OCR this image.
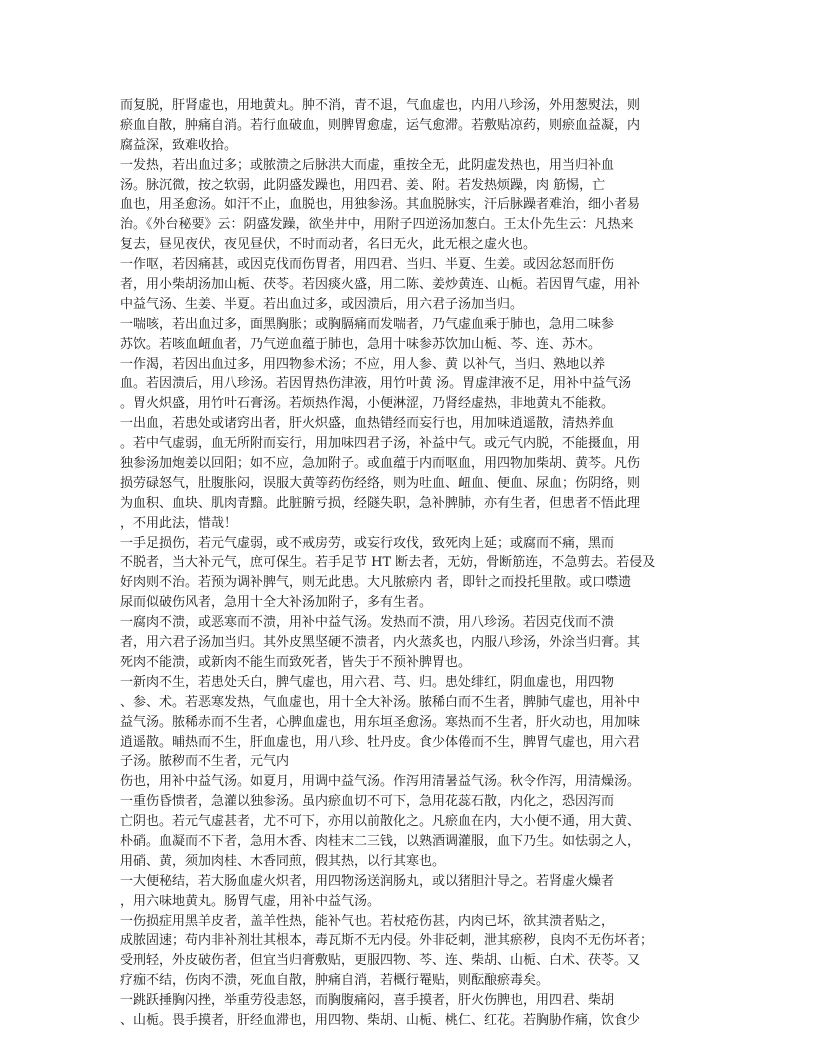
而复脱，肝肾虚也，用地黄丸。肿不消，青不退，气血虚也，内用八珍汤，外用葱熨法，则
瘀血自散，肿痛自消。若行血破血，则脾胃愈虚，运气愈滞。若敷贴凉药，则瘀血益凝，内
腐益深，致难收拾。
一发热，若出血过多；或脓溃之后脉洪大而虚，重按全无，此阴虚发热也，用当归补血
汤。脉沉微，按之软弱，此阴盛发躁也，用四君、姜、附。若发热烦躁，肉 筋惕，亡
血也，用圣愈汤。如汗不止，血脱也，用独参汤。其血脱脉实，汗后脉躁者难治，细小者易
治。《外台秘要》云：阴盛发躁，欲坐井中，用附子四逆汤加葱白。王太仆先生云：凡热来
复去，昼见夜伏，夜见昼伏，不时而动者，名曰无火，此无根之虚火也。
一作呕，若因痛甚，或因克伐而伤胃者，用四君、当归、半夏、生姜。或因忿怒而肝伤
者，用小柴胡汤加山栀、茯苓。若因痰火盛，用二陈、姜炒黄连、山栀。若因胃气虚，用补
中益气汤、生姜、半夏。若出血过多，或因溃后，用六君子汤加当归。
一喘咳，若出血过多，面黑胸胀；或胸膈痛而发喘者，乃气虚血乘于肺也，急用二味参
苏饮。若咳血衄血者，乃气逆血蕴于肺也，急用十味参苏饮加山栀、芩、连、苏木。
一作渴，若因出血过多，用四物参术汤；不应，用人参、黄 以补气，当归、熟地以养
血。若因溃后，用八珍汤。若因胃热伤津液，用竹叶黄 汤。胃虚津液不足，用补中益气汤
。胃火炽盛，用竹叶石膏汤。若烦热作渴，小便淋涩，乃肾经虚热，非地黄丸不能救。
一出血，若患处或诸窍出者，肝火炽盛，血热错经而妄行也，用加味逍遥散，清热养血
。若中气虚弱，血无所附而妄行，用加味四君子汤，补益中气。或元气内脱，不能摄血，用
独参汤加炮姜以回阳；如不应，急加附子。或血蕴于内而呕血，用四物加柴胡、黄芩。凡伤
损劳碌怒气，肚腹胀闷，误服大黄等药伤经络，则为吐血、衄血、便血、尿血；伤阴络，则
为血积、血块、肌肉青黯。此脏腑亏损，经隧失职，急补脾肺，亦有生者，但患者不悟此理
，不用此法，惜哉！
一手足损伤，若元气虚弱，或不戒房劳，或妄行攻伐，致死肉上延；或腐而不痛，黑而
不脱者，当大补元气，庶可保生。若手足节 HT 断去者，无妨，骨断筋连，不急剪去。若侵及
好肉则不治。若预为调补脾气，则无此患。大凡脓瘀内 者，即针之而投托里散。或口噤遗
尿而似破伤风者，急用十全大补汤加附子，多有生者。
一腐肉不溃，或恶寒而不溃，用补中益气汤。发热而不溃，用八珍汤。若因克伐而不溃
者，用六君子汤加当归。其外皮黑坚硬不溃者，内火蒸炙也，内服八珍汤，外涂当归膏。其
死肉不能溃，或新肉不能生而致死者，皆失于不预补脾胃也。
一新肉不生，若患处夭白，脾气虚也，用六君、芎、归。患处绯红，阴血虚也，用四物
、参、术。若恶寒发热，气血虚也，用十全大补汤。脓稀白而不生者，脾肺气虚也，用补中
益气汤。脓稀赤而不生者，心脾血虚也，用东垣圣愈汤。寒热而不生者，肝火动也，用加味
逍遥散。晡热而不生，肝血虚也，用八珍、牡丹皮。食少体倦而不生，脾胃气虚也，用六君
子汤。脓秽而不生者，元气内
伤也，用补中益气汤。如夏月，用调中益气汤。作泻用清暑益气汤。秋令作泻，用清燥汤。
一重伤昏愦者，急灌以独参汤。虽内瘀血切不可下，急用花蕊石散，内化之，恐因泻而
亡阴也。若元气虚甚者，尤不可下，亦用以前散化之。凡瘀血在内，大小便不通，用大黄、
朴硝。血凝而不下者，急用木香、肉桂末二三钱，以熟酒调灌服，血下乃生。如怯弱之人，
用硝、黄，须加肉桂、木香同煎，假其热，以行其寒也。
一大便秘结，若大肠血虚火炽者，用四物汤送润肠丸，或以猪胆汁导之。若肾虚火燥者
，用六味地黄丸。肠胃气虚，用补中益气汤。
一伤损症用黑羊皮者，盖羊性热，能补气也。若杖疮伤甚，内肉已坏，欲其溃者贴之，
成脓固速；苟内非补剂壮其根本，毒瓦斯不无内侵。外非砭刺，泄其瘀秽，良肉不无伤坏者；
受刑轻，外皮破伤者，但宜当归膏敷贴，更服四物、芩、连、柴胡、山栀、白术、茯苓。又
疗痂不结，伤肉不溃，死血自散，肿痛自消，若概行罨贴，则酝酿瘀毒矣。
一跳跃捶胸闪挫，举重劳役恚怒，而胸腹痛闷，喜手摸者，肝火伤脾也，用四君、柴胡
、山栀。畏手摸者，肝经血滞也，用四物、柴胡、山栀、桃仁、红花。若胸胁作痛，饮食少
